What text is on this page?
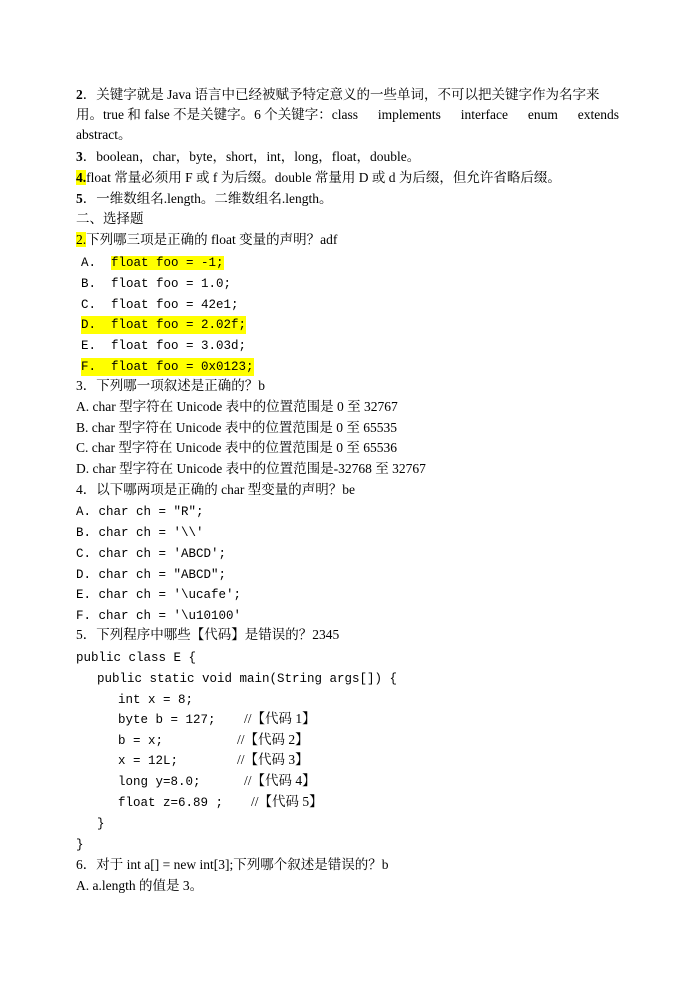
2．关键字就是 Java 语言中已经被赋予特定意义的一些单词，不可以把关键字作为名字来
用。true 和 false 不是关键字。6 个关键字：class implements interface enum extends
abstract。
3．boolean，char，byte，short，int，long，float，double。
4.float 常量必须用 F 或 f 为后缀。double 常量用 D 或 d 为后缀，但允许省略后缀。
5．一维数组名.length。二维数组名.length。
二、选择题
2.下列哪三项是正确的 float 变量的声明？adf
A. float foo = -1;
B. float foo = 1.0;
C. float foo = 42e1;
D. float foo = 2.02f;
E. float foo = 3.03d;
F. float foo = 0x0123;
3．下列哪一项叙述是正确的？b
A. char 型字符在 Unicode 表中的位置范围是 0 至 32767
B. char 型字符在 Unicode 表中的位置范围是 0 至 65535
C. char 型字符在 Unicode 表中的位置范围是 0 至 65536
D. char 型字符在 Unicode 表中的位置范围是-32768 至 32767
4．以下哪两项是正确的 char 型变量的声明？be
A. char ch = "R";
B. char ch = '\\'
C. char ch = 'ABCD';
D. char ch = "ABCD";
E. char ch = '\ucafe';
F. char ch = '\u10100'
5．下列程序中哪些【代码】是错误的？2345
public class E {
public static void main(String args[]) {
int x = 8;
byte b = 127; //【代码 1】
b = x;	//【代码 2】
x = 12L;	//【代码 3】
long y=8.0;	//【代码 4】
float z=6.89 ; //【代码 5】
}
}
6．对于 int a[] = new int[3];下列哪个叙述是错误的？b
A. a.length 的值是 3。
